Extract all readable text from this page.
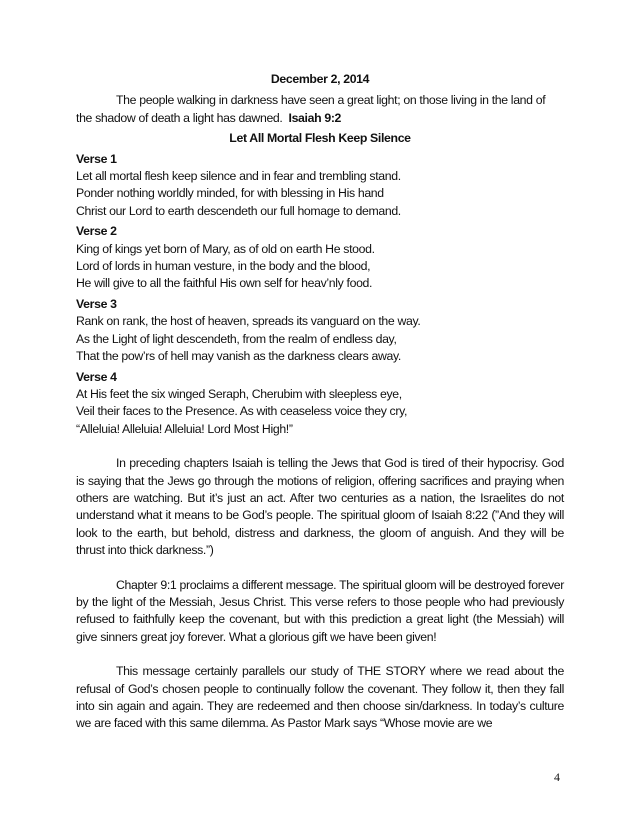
December 2, 2014

The people walking in darkness have seen a great light; on those living in the land of the shadow of death a light has dawned. Isaiah 9:2

Let All Mortal Flesh Keep Silence
Verse 1
Let all mortal flesh keep silence and in fear and trembling stand.
Ponder nothing worldly minded, for with blessing in His hand
Christ our Lord to earth descendeth our full homage to demand.
Verse 2
King of kings yet born of Mary, as of old on earth He stood.
Lord of lords in human vesture, in the body and the blood,
He will give to all the faithful His own self for heav’nly food.
Verse 3
Rank on rank, the host of heaven, spreads its vanguard on the way.
As the Light of light descendeth, from the realm of endless day,
That the pow’rs of hell may vanish as the darkness clears away.
Verse 4
At His feet the six winged Seraph, Cherubim with sleepless eye,
Veil their faces to the Presence. As with ceaseless voice they cry,
“Alleluia! Alleluia! Alleluia! Lord Most High!”

In preceding chapters Isaiah is telling the Jews that God is tired of their hypocrisy. God is saying that the Jews go through the motions of religion, offering sacrifices and praying when others are watching. But it’s just an act. After two centuries as a nation, the Israelites do not understand what it means to be God’s people. The spiritual gloom of Isaiah 8:22 (”And they will look to the earth, but behold, distress and darkness, the gloom of anguish. And they will be thrust into thick darkness.”)

Chapter 9:1 proclaims a different message. The spiritual gloom will be destroyed forever by the light of the Messiah, Jesus Christ. This verse refers to those people who had previously refused to faithfully keep the covenant, but with this prediction a great light (the Messiah) will give sinners great joy forever. What a glorious gift we have been given!

This message certainly parallels our study of THE STORY where we read about the refusal of God’s chosen people to continually follow the covenant. They follow it, then they fall into sin again and again. They are redeemed and then choose sin/darkness. In today’s culture we are faced with this same dilemma. As Pastor Mark says “Whose movie are we

4
